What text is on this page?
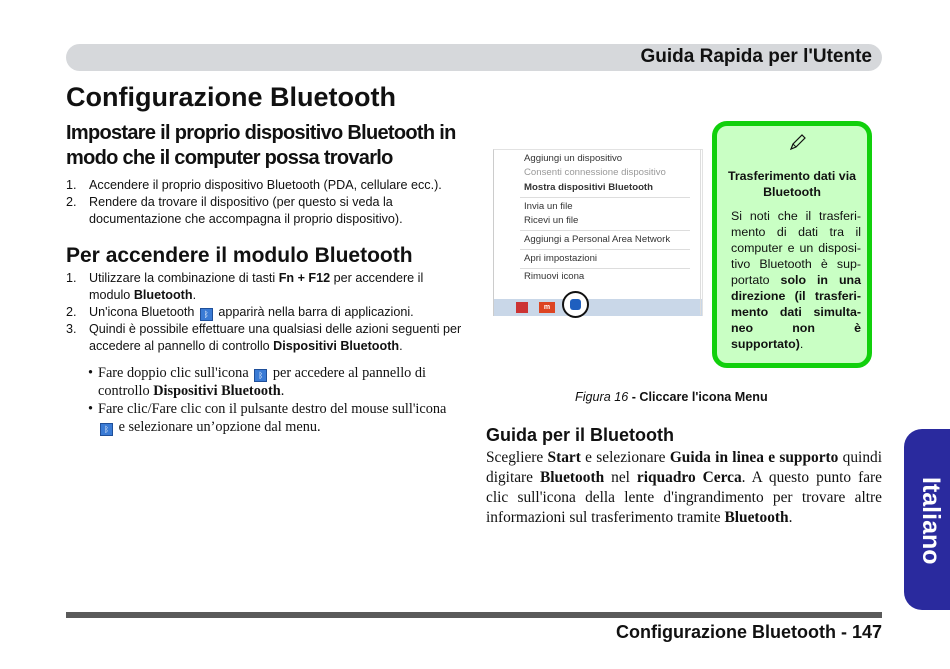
Guida Rapida per l'Utente
Configurazione Bluetooth
Impostare il proprio dispositivo Bluetooth in modo che il computer possa trovarlo
1. Accendere il proprio dispositivo Bluetooth (PDA, cellulare ecc.).
2. Rendere da trovare il dispositivo (per questo si veda la documentazione che accompagna il proprio dispositivo).
Per accendere il modulo Bluetooth
1. Utilizzare la combinazione di tasti Fn + F12 per accendere il modulo Bluetooth.
2. Un'icona Bluetooth ᛒ apparirà nella barra di applicazioni.
3. Quindi è possibile effettuare una qualsiasi delle azioni seguenti per accedere al pannello di controllo Dispositivi Bluetooth.
• Fare doppio clic sull'icona ᛒ per accedere al pannello di controllo Dispositivi Bluetooth.
• Fare clic/Fare clic con il pulsante destro del mouse sull'icona ᛒ e selezionare un’opzione dal menu.
Aggiungi un dispositivo
Consenti connessione dispositivo
Mostra dispositivi Bluetooth
Invia un file
Ricevi un file
Aggiungi a Personal Area Network
Apri impostazioni
Rimuovi icona
m
Figura 16 - Cliccare l'icona Menu
Trasferimento dati via Bluetooth
Si noti che il trasferi-mento di dati tra il computer e un disposi-tivo Bluetooth è sup-portato solo in una direzione (il trasferi-mento dati simulta-neo non è supportato).
Guida per il Bluetooth

Scegliere Start e selezionare Guida in linea e supporto quindi digitare Bluetooth nel riquadro Cerca. A questo punto fare clic sull'icona della lente d'ingrandimento per trovare altre informazioni sul trasferimento tramite Bluetooth.	Italiano
Configurazione Bluetooth - 147
